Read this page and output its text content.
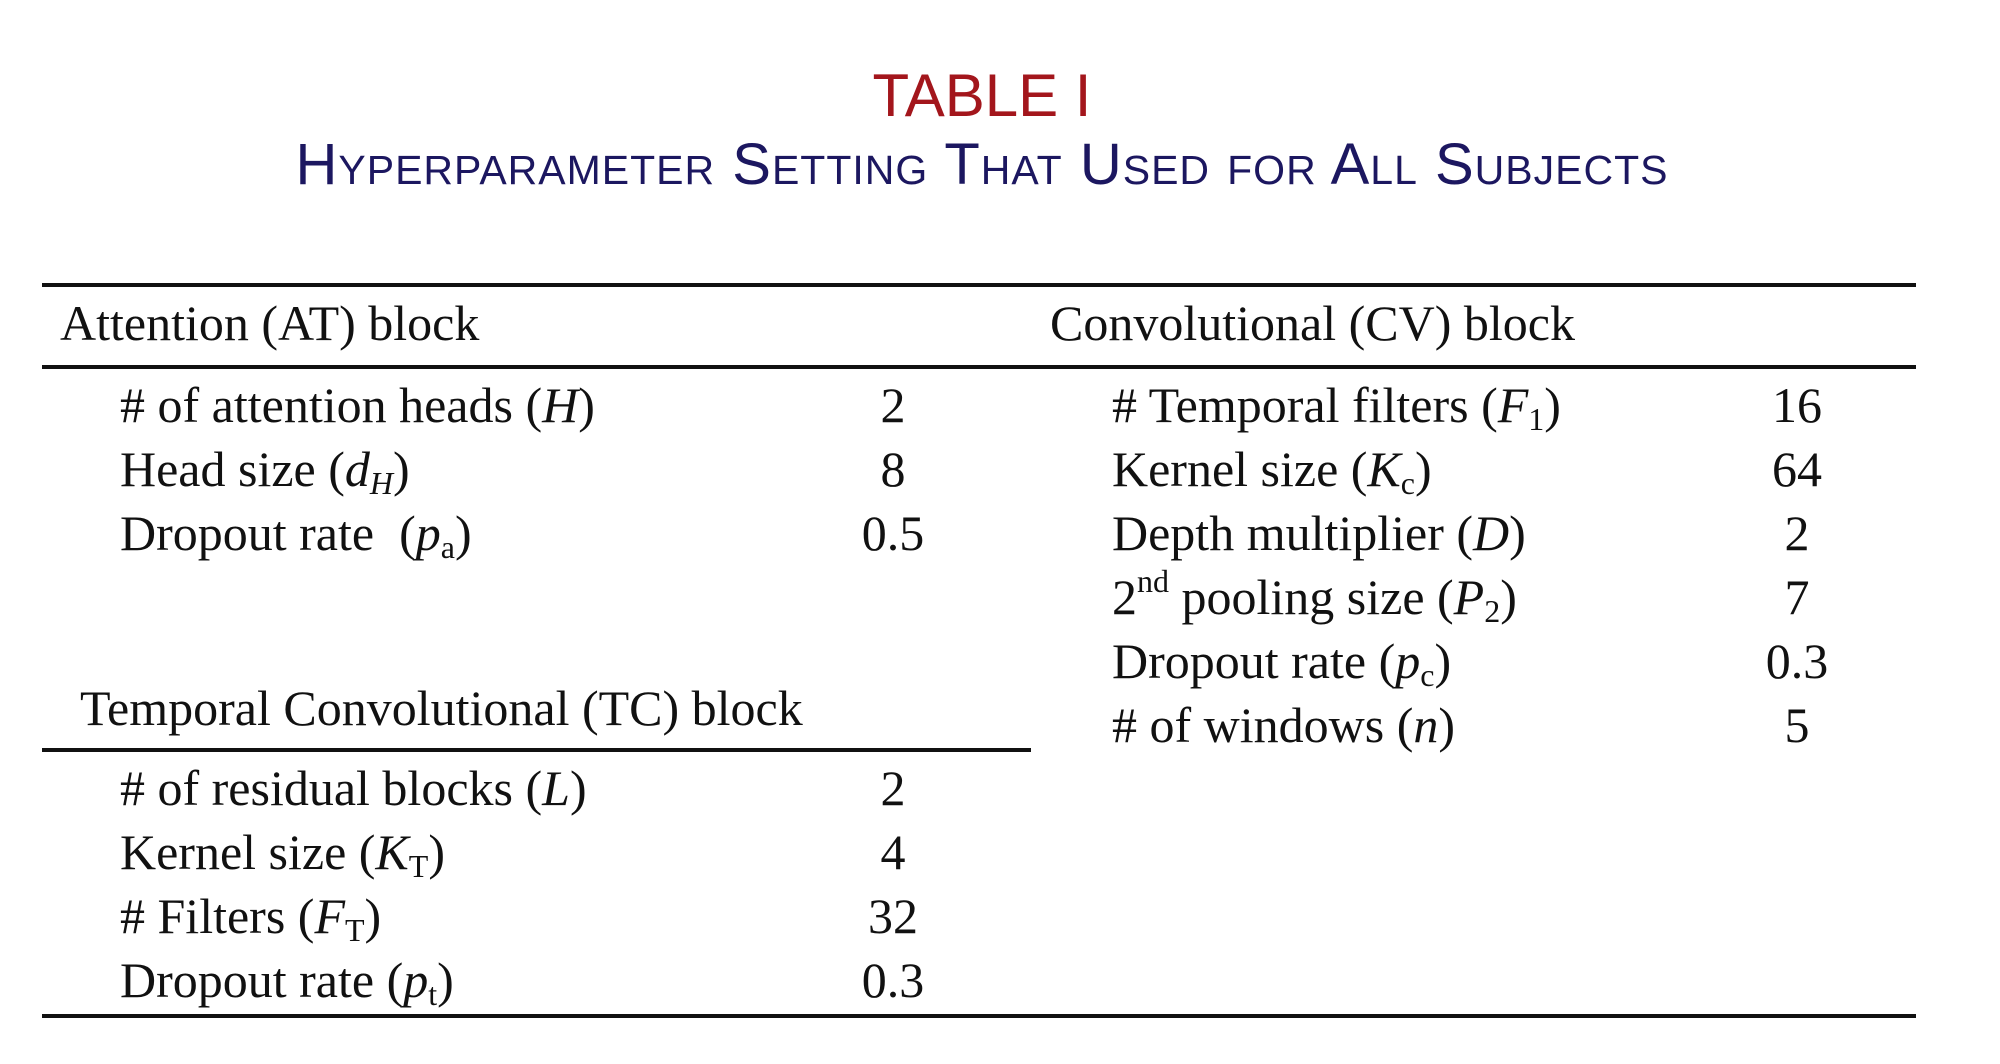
TABLE I
Hyperparameter Setting That Used for All Subjects
Attention (AT) block
# of attention heads (H)	2
Head size $(d_H)$	8
Dropout rate  $(p_a)$	0.5
Temporal Convolutional (TC) block
# of residual blocks (L)	2
Kernel size $(K_T)$	4
# Filters $(F_T)$	32
Dropout rate $(p_t)$	0.3
Convolutional (CV) block
# Temporal filters $(F_1)$	16
Kernel size $(K_c)$	64
Depth multiplier (D)	2
2nd pooling size $(P_2)$	7
Dropout rate $(p_c)$	0.3
# of windows (n)	5
